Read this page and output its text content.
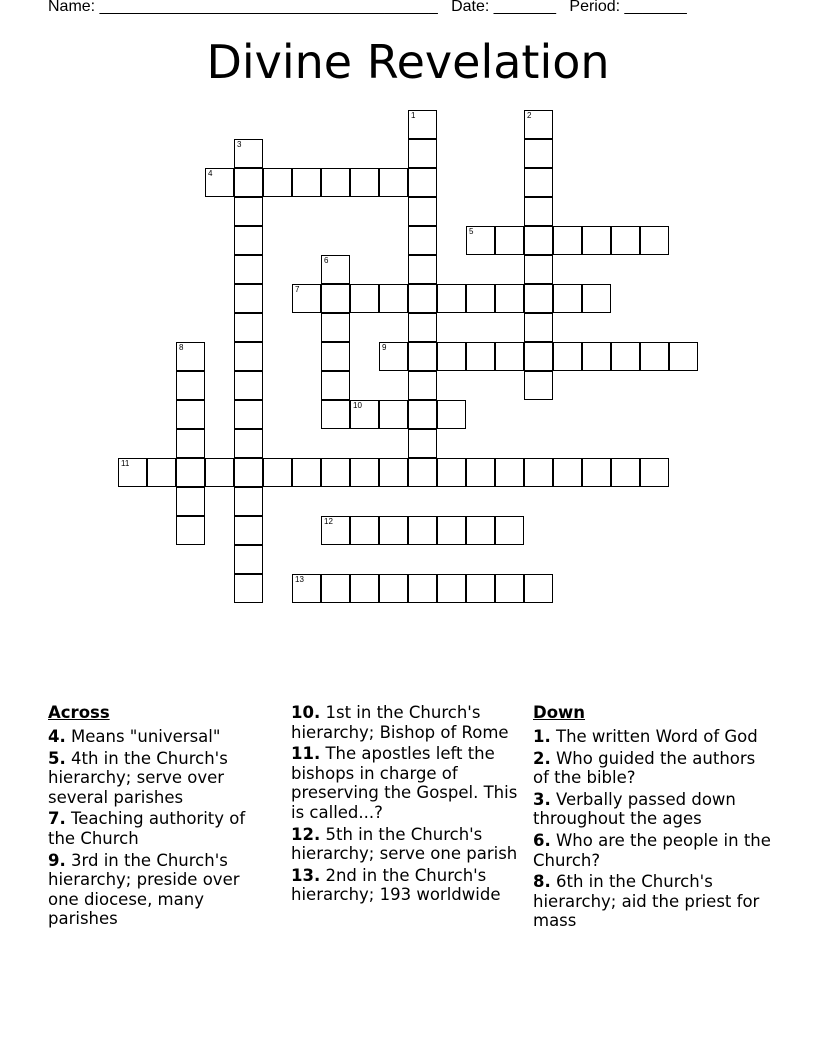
Name: ______________________________________ Date: _______ Period: _______
Divine Revelation
1	2
3
4
5
6
7
8	9
10
11
12
13
Across
4. Means "universal"
5. 4th in the Church's hierarchy; serve over several parishes
7. Teaching authority of the Church
9. 3rd in the Church's hierarchy; preside over one diocese, many parishes
10. 1st in the Church's hierarchy; Bishop of Rome
11. The apostles left the bishops in charge of preserving the Gospel. This is called...?
12. 5th in the Church's hierarchy; serve one parish
13. 2nd in the Church's hierarchy; 193 worldwide
Down
1. The written Word of God
2. Who guided the authors of the bible?
3. Verbally passed down throughout the ages
6. Who are the people in the Church?
8. 6th in the Church's hierarchy; aid the priest for mass
